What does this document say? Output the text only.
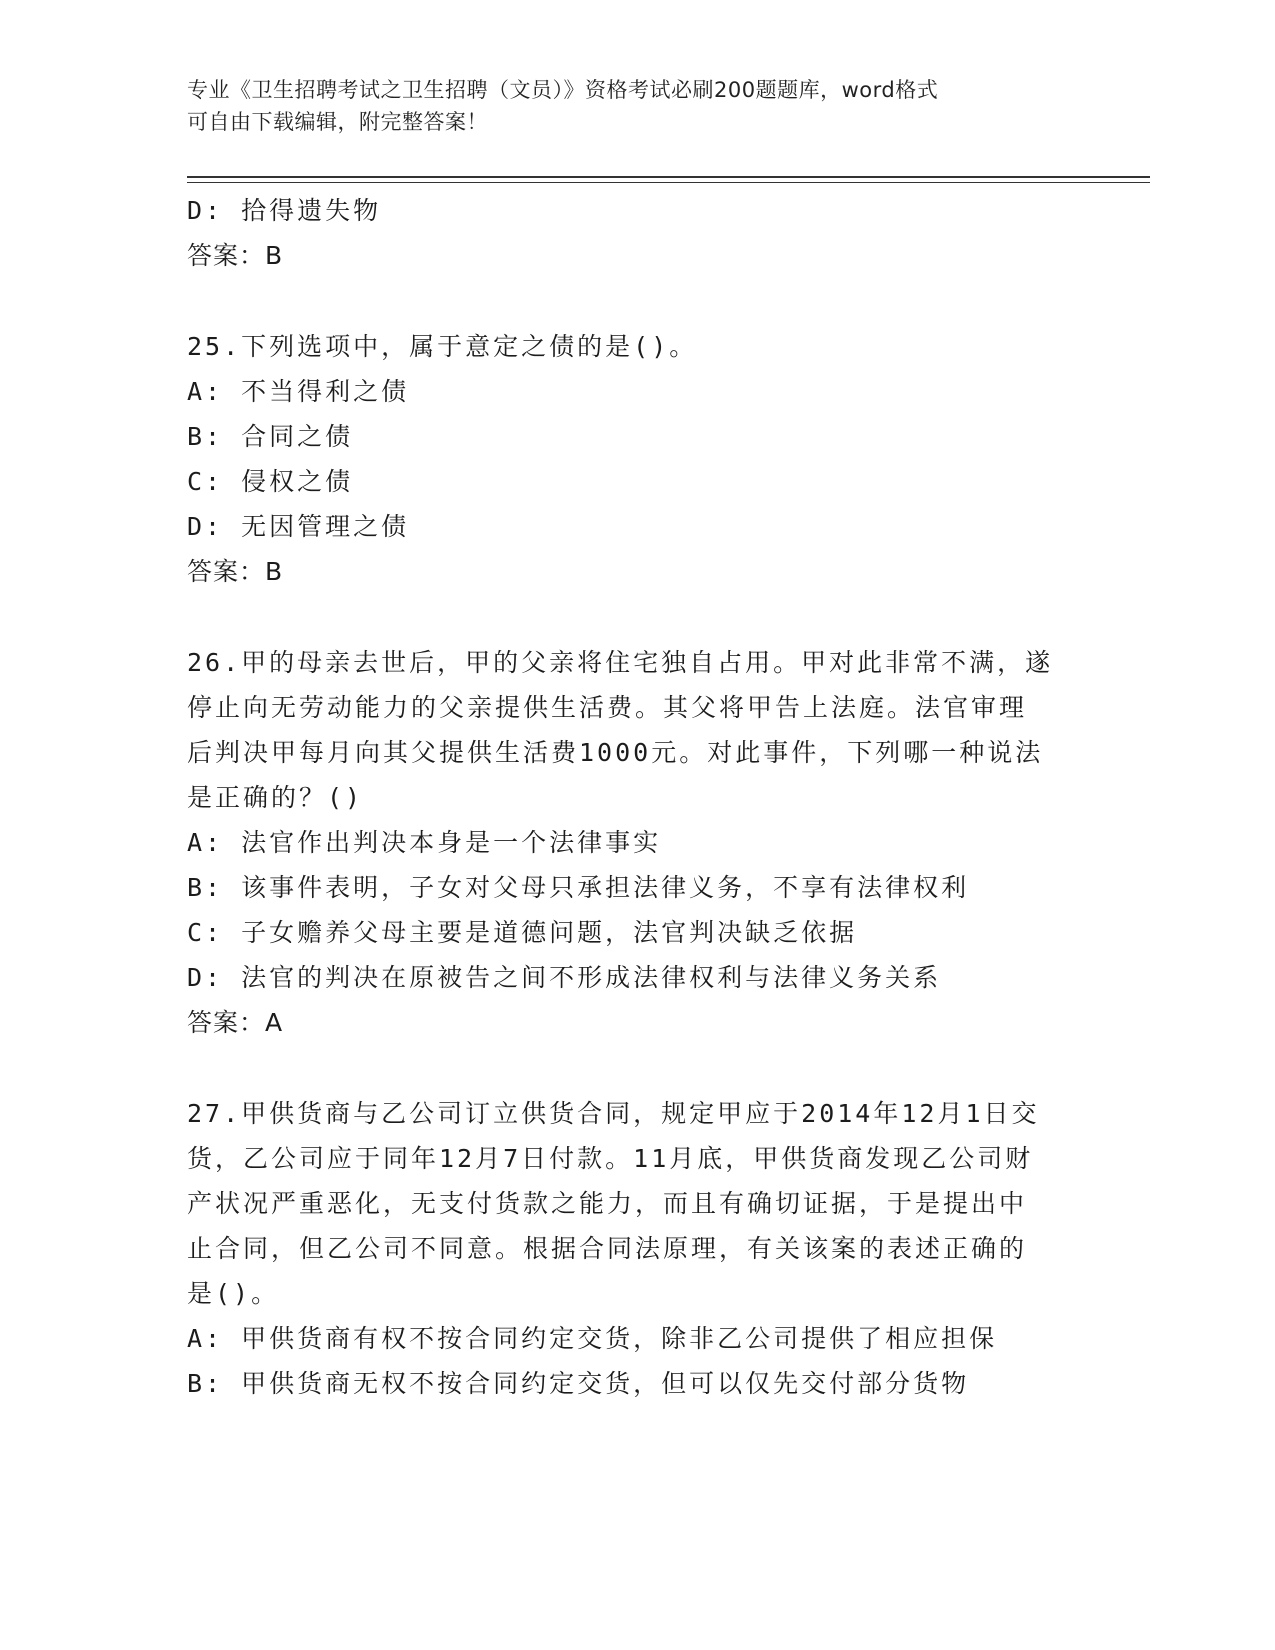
专业《卫生招聘考试之卫生招聘（文员）》资格考试必刷200题题库，word格式
可自由下载编辑，附完整答案！
D: 拾得遗失物
答案：B
25.下列选项中，属于意定之债的是()。
A: 不当得利之债
B: 合同之债
C: 侵权之债
D: 无因管理之债
答案：B
26.甲的母亲去世后，甲的父亲将住宅独自占用。甲对此非常不满，遂
停止向无劳动能力的父亲提供生活费。其父将甲告上法庭。法官审理
后判决甲每月向其父提供生活费1000元。对此事件，下列哪一种说法
是正确的？()
A: 法官作出判决本身是一个法律事实
B: 该事件表明，子女对父母只承担法律义务，不享有法律权利
C: 子女赡养父母主要是道德问题，法官判决缺乏依据
D: 法官的判决在原被告之间不形成法律权利与法律义务关系
答案：A
27.甲供货商与乙公司订立供货合同，规定甲应于2014年12月1日交
货，乙公司应于同年12月7日付款。11月底，甲供货商发现乙公司财
产状况严重恶化，无支付货款之能力，而且有确切证据，于是提出中
止合同，但乙公司不同意。根据合同法原理，有关该案的表述正确的
是()。
A: 甲供货商有权不按合同约定交货，除非乙公司提供了相应担保
B: 甲供货商无权不按合同约定交货，但可以仅先交付部分货物
